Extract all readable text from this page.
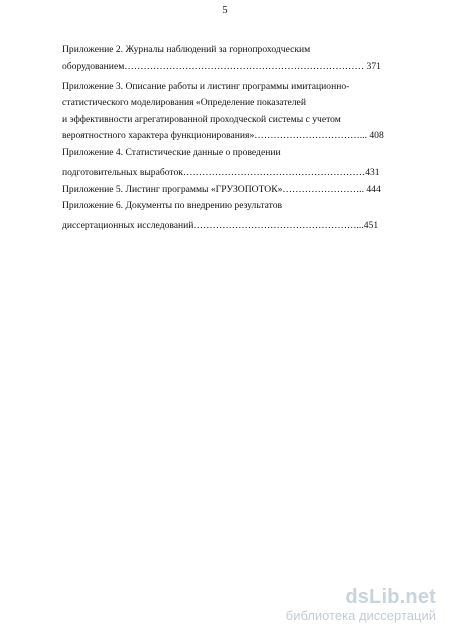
5
Приложение 2. Журналы наблюдений за горнопроходческим
оборудованием………………………………………………………………… 371
Приложение 3. Описание работы и листинг программы имитационно-
статистического моделирования «Определение показателей
и эффективности агрегатированной проходческой системы с учетом
вероятностного характера функционирования»……………………………... 408
Приложение 4. Статистические данные о проведении
подготовительных выработок…………………………………………………431
Приложение 5. Листинг программы «ГРУЗОПОТОК»…………………….. 444
Приложение 6. Документы по внедрению результатов
диссертационных исследований……………………………………………...451
dsLib.net
библиотека диссертаций
